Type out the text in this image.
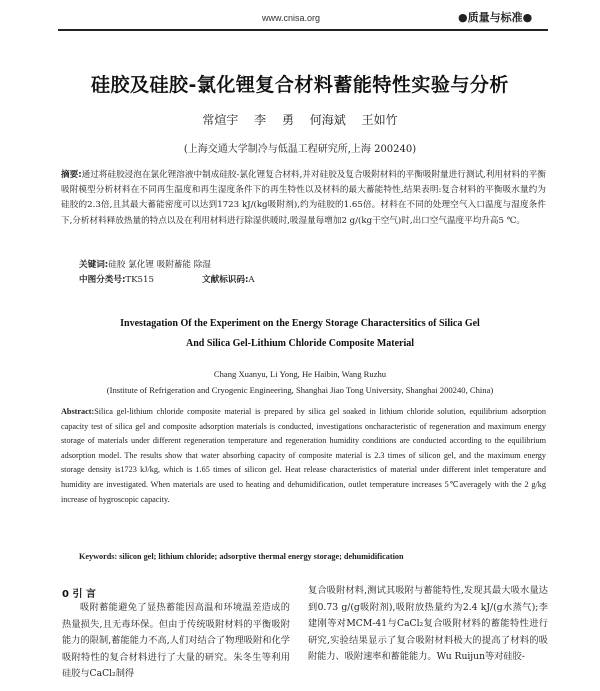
www.cnisa.org	●质量与标准●
硅胶及硅胶-氯化锂复合材料蓄能特性实验与分析
常煊宇 李 勇 何海斌 王如竹
(上海交通大学制冷与低温工程研究所,上海 200240)
摘要:通过将硅胶浸泡在氯化锂溶液中制成硅胶-氯化锂复合材料,并对硅胶及复合吸附材料的平衡吸附量进行测试,利用材料的平衡吸附模型分析材料在不同再生温度和再生湿度条件下的再生特性以及材料的最大蓄能特性,结果表明:复合材料的平衡吸水量约为硅胶的2.3倍,且其最大蓄能密度可以达到1723 kJ/(kg吸附剂),约为硅胶的1.65倍。材料在不同的处理空气入口温度与湿度条件下,分析材料释放热量的特点以及在利用材料进行除湿供暖时,吸湿量每增加2 g/(kg干空气)时,出口空气温度平均升高5 ℃。
关键词:硅胶 氯化锂 吸附蓄能 除湿
中图分类号:TK515	文献标识码:A
Investagation Of the Experiment on the Energy Storage Charactersitics of Silica Gel
And Silica Gel-Lithium Chloride Composite Material
Chang Xuanyu, Li Yong, He Haibin, Wang Ruzhu
(Institute of Refrigeration and Cryogenic Engineering, Shanghai Jiao Tong University, Shanghai 200240, China)
Abstract:Silica gel-lithium chloride composite material is prepared by silica gel soaked in lithium chloride solution, equilibrium adsorption capacity test of silica gel and composite adsorption materials is conducted, investigations oncharacteristic of regeneration and maximum energy storage of materials under different regeneration temperature and regeneration humidity conditions are conducted according to the equilibrium adsorption model. The results show that water absorbing capacity of composite material is 2.3 times of silicon gel, and the maximum energy storage density is1723 kJ/kg, which is 1.65 times of silicon gel. Heat release characteristics of material under different inlet temperature and humidity are investigated. When materials are used to heating and dehumidification, outlet temperature increases 5℃averagely with the 2 g/kg increase of hygroscopic capacity.
Keywords: silicon gel; lithium chloride; adsorptive thermal energy storage; dehumidification
0 引 言
吸附蓄能避免了显热蓄能因高温和环境温差造成的热量损失,且无毒环保。但由于传统吸附材料的平衡吸附能力的限制,蓄能能力不高,人们对结合了物理吸附和化学吸附特性的复合材料进行了大量的研究。朱冬生等利用硅胶与CaCl₂制得
复合吸附材料,测试其吸附与蓄能特性,发现其最大吸水量达到0.73 g/(g吸附剂),吸附放热量约为2.4 kJ/(g水蒸气);李建刚等对MCM-41与CaCl₂复合吸附材料的蓄能特性进行研究,实验结果显示了复合吸附材料极大的提高了材料的吸附能力、吸附速率和蓄能能力。Wu Ruijun等对硅胶-
